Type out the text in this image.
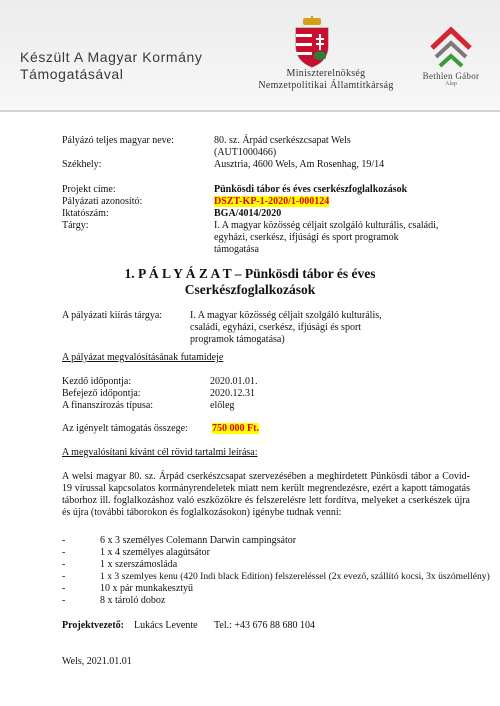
Készült A Magyar Kormány
Támogatásával	Miniszterelnökség
Nemzetpolitikai Államtitkárság
Bethlen Gábor
Alap
Pályázó teljes magyar neve:	80. sz. Árpád cserkészcsapat Wels
(AUT1000466)
Székhely:	Ausztria, 4600 Wels, Am Rosenhag, 19/14
Projekt címe:	Pünkösdi tábor és éves cserkészfoglalkozások
Pályázati azonosító:	DSZT-KP-1-2020/1-000124
Iktatószám:	BGA/4014/2020
Tárgy:	I. A magyar közösség céljait szolgáló kulturális, családi,
egyházi, cserkész, ifjúsági és sport programok
támogatása
1. P Á L Y Á Z A T – Pünkösdi tábor és éves
Cserkészfoglalkozások
A pályázati kiírás tárgya:	I. A magyar közösség céljait szolgáló kulturális,
családi, egyházi, cserkész, ifjúsági és sport
programok támogatása)
A pályázat megvalósításának futamideje
Kezdő időpontja:	2020.01.01.
Befejező időpontja:	2020.12.31
A finanszírozás típusa:	előleg
Az igényelt támogatás összege: 750 000 Ft.
A megvalósítani kívánt cél rövid tartalmi leírása:
A welsi magyar 80. sz. Árpád cserkészcsapat szervezésében a meghirdetett Pünkösdi tábor a Covid-19 vírussal kapcsolatos kormányrendeletek miatt nem került megrendezésre, ezért a kapott támogatás táborhoz ill. foglalkozáshoz való eszközökre és felszerelésre lett fordítva, melyeket a cserkészek újra és újra (további táborokon és foglalkozásokon) igénybe tudnak venni:
-	6 x 3 személyes Colemann Darwin campingsátor
-	1 x 4 személyes alagútsátor
-	1 x szerszámosláda
-	1 x 3 szemlyes kenu (420 Indi black Edition) felszereléssel (2x evező, szállító kocsi, 3x üszómellény)
-	10 x pár munkakesztyű
-	8 x tároló doboz
Projektvezető: Lukács Levente Tel.: +43 676 88 680 104
Wels, 2021.01.01
